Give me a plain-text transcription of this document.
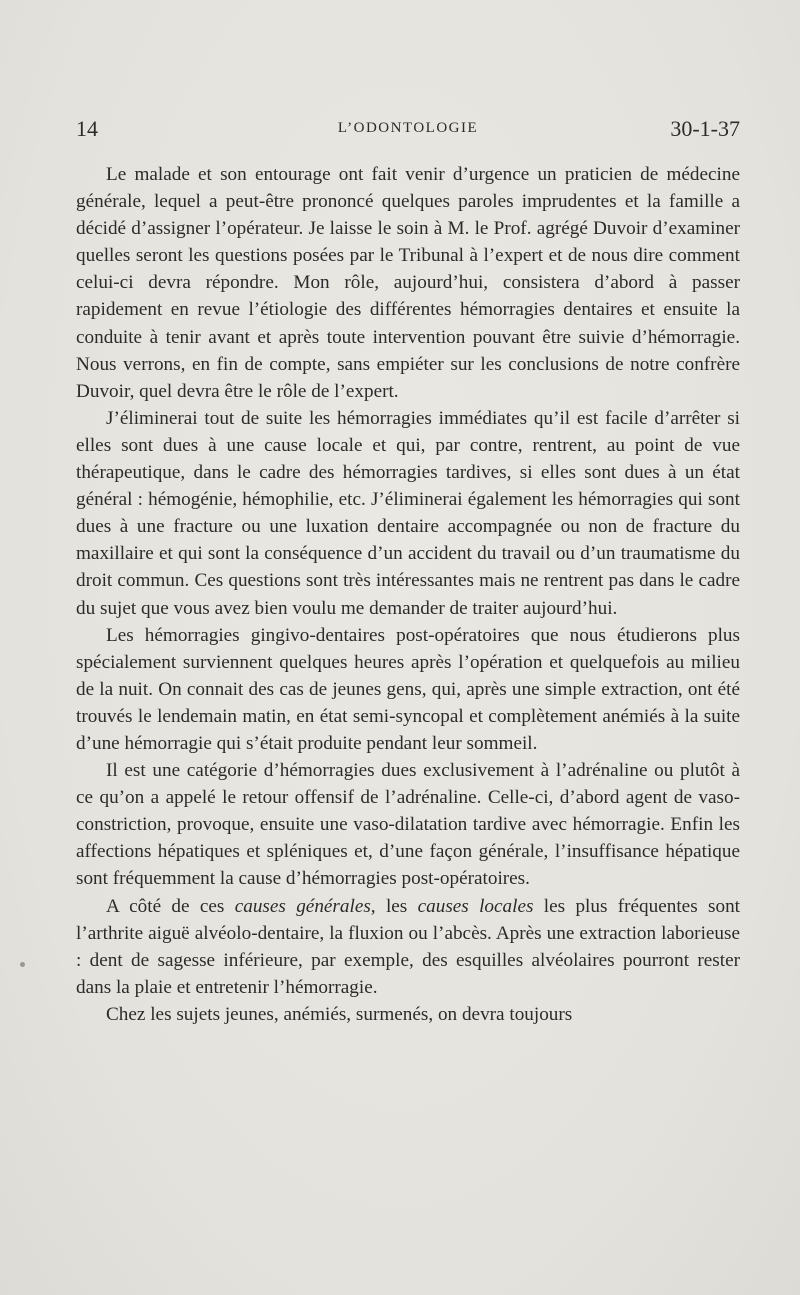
14	L’ODONTOLOGIE	30-1-37

Le malade et son entourage ont fait venir d’urgence un praticien de médecine générale, lequel a peut-être prononcé quelques paroles imprudentes et la famille a décidé d’assigner l’opérateur. Je laisse le soin à M. le Prof. agrégé Duvoir d’examiner quelles seront les questions posées par le Tribunal à l’expert et de nous dire comment celui-ci devra répondre. Mon rôle, aujourd’hui, consistera d’abord à passer rapidement en revue l’étiologie des différentes hémorragies dentaires et ensuite la conduite à tenir avant et après toute intervention pouvant être suivie d’hémorragie. Nous verrons, en fin de compte, sans empiéter sur les conclusions de notre confrère Duvoir, quel devra être le rôle de l’expert.

J’éliminerai tout de suite les hémorragies immédiates qu’il est facile d’arrêter si elles sont dues à une cause locale et qui, par contre, rentrent, au point de vue thérapeutique, dans le cadre des hémorragies tardives, si elles sont dues à un état général : hémogénie, hémophilie, etc. J’éliminerai également les hémorragies qui sont dues à une fracture ou une luxation dentaire accompagnée ou non de fracture du maxillaire et qui sont la conséquence d’un accident du travail ou d’un traumatisme du droit commun. Ces questions sont très intéressantes mais ne rentrent pas dans le cadre du sujet que vous avez bien voulu me demander de traiter aujourd’hui.

Les hémorragies gingivo-dentaires post-opératoires que nous étudierons plus spécialement surviennent quelques heures après l’opération et quelquefois au milieu de la nuit. On connait des cas de jeunes gens, qui, après une simple extraction, ont été trouvés le lendemain matin, en état semi-syncopal et complètement anémiés à la suite d’une hémorragie qui s’était produite pendant leur sommeil.

Il est une catégorie d’hémorragies dues exclusivement à l’adrénaline ou plutôt à ce qu’on a appelé le retour offensif de l’adrénaline. Celle-ci, d’abord agent de vaso-constriction, provoque, ensuite une vaso-dilatation tardive avec hémorragie. Enfin les affections hépatiques et spléniques et, d’une façon générale, l’insuffisance hépatique sont fréquemment la cause d’hémorragies post-opératoires.

A côté de ces causes générales, les causes locales les plus fréquentes sont l’arthrite aiguë alvéolo-dentaire, la fluxion ou l’abcès. Après une extraction laborieuse : dent de sagesse inférieure, par exemple, des esquilles alvéolaires pourront rester dans la plaie et entretenir l’hémorragie.

Chez les sujets jeunes, anémiés, surmenés, on devra toujours
